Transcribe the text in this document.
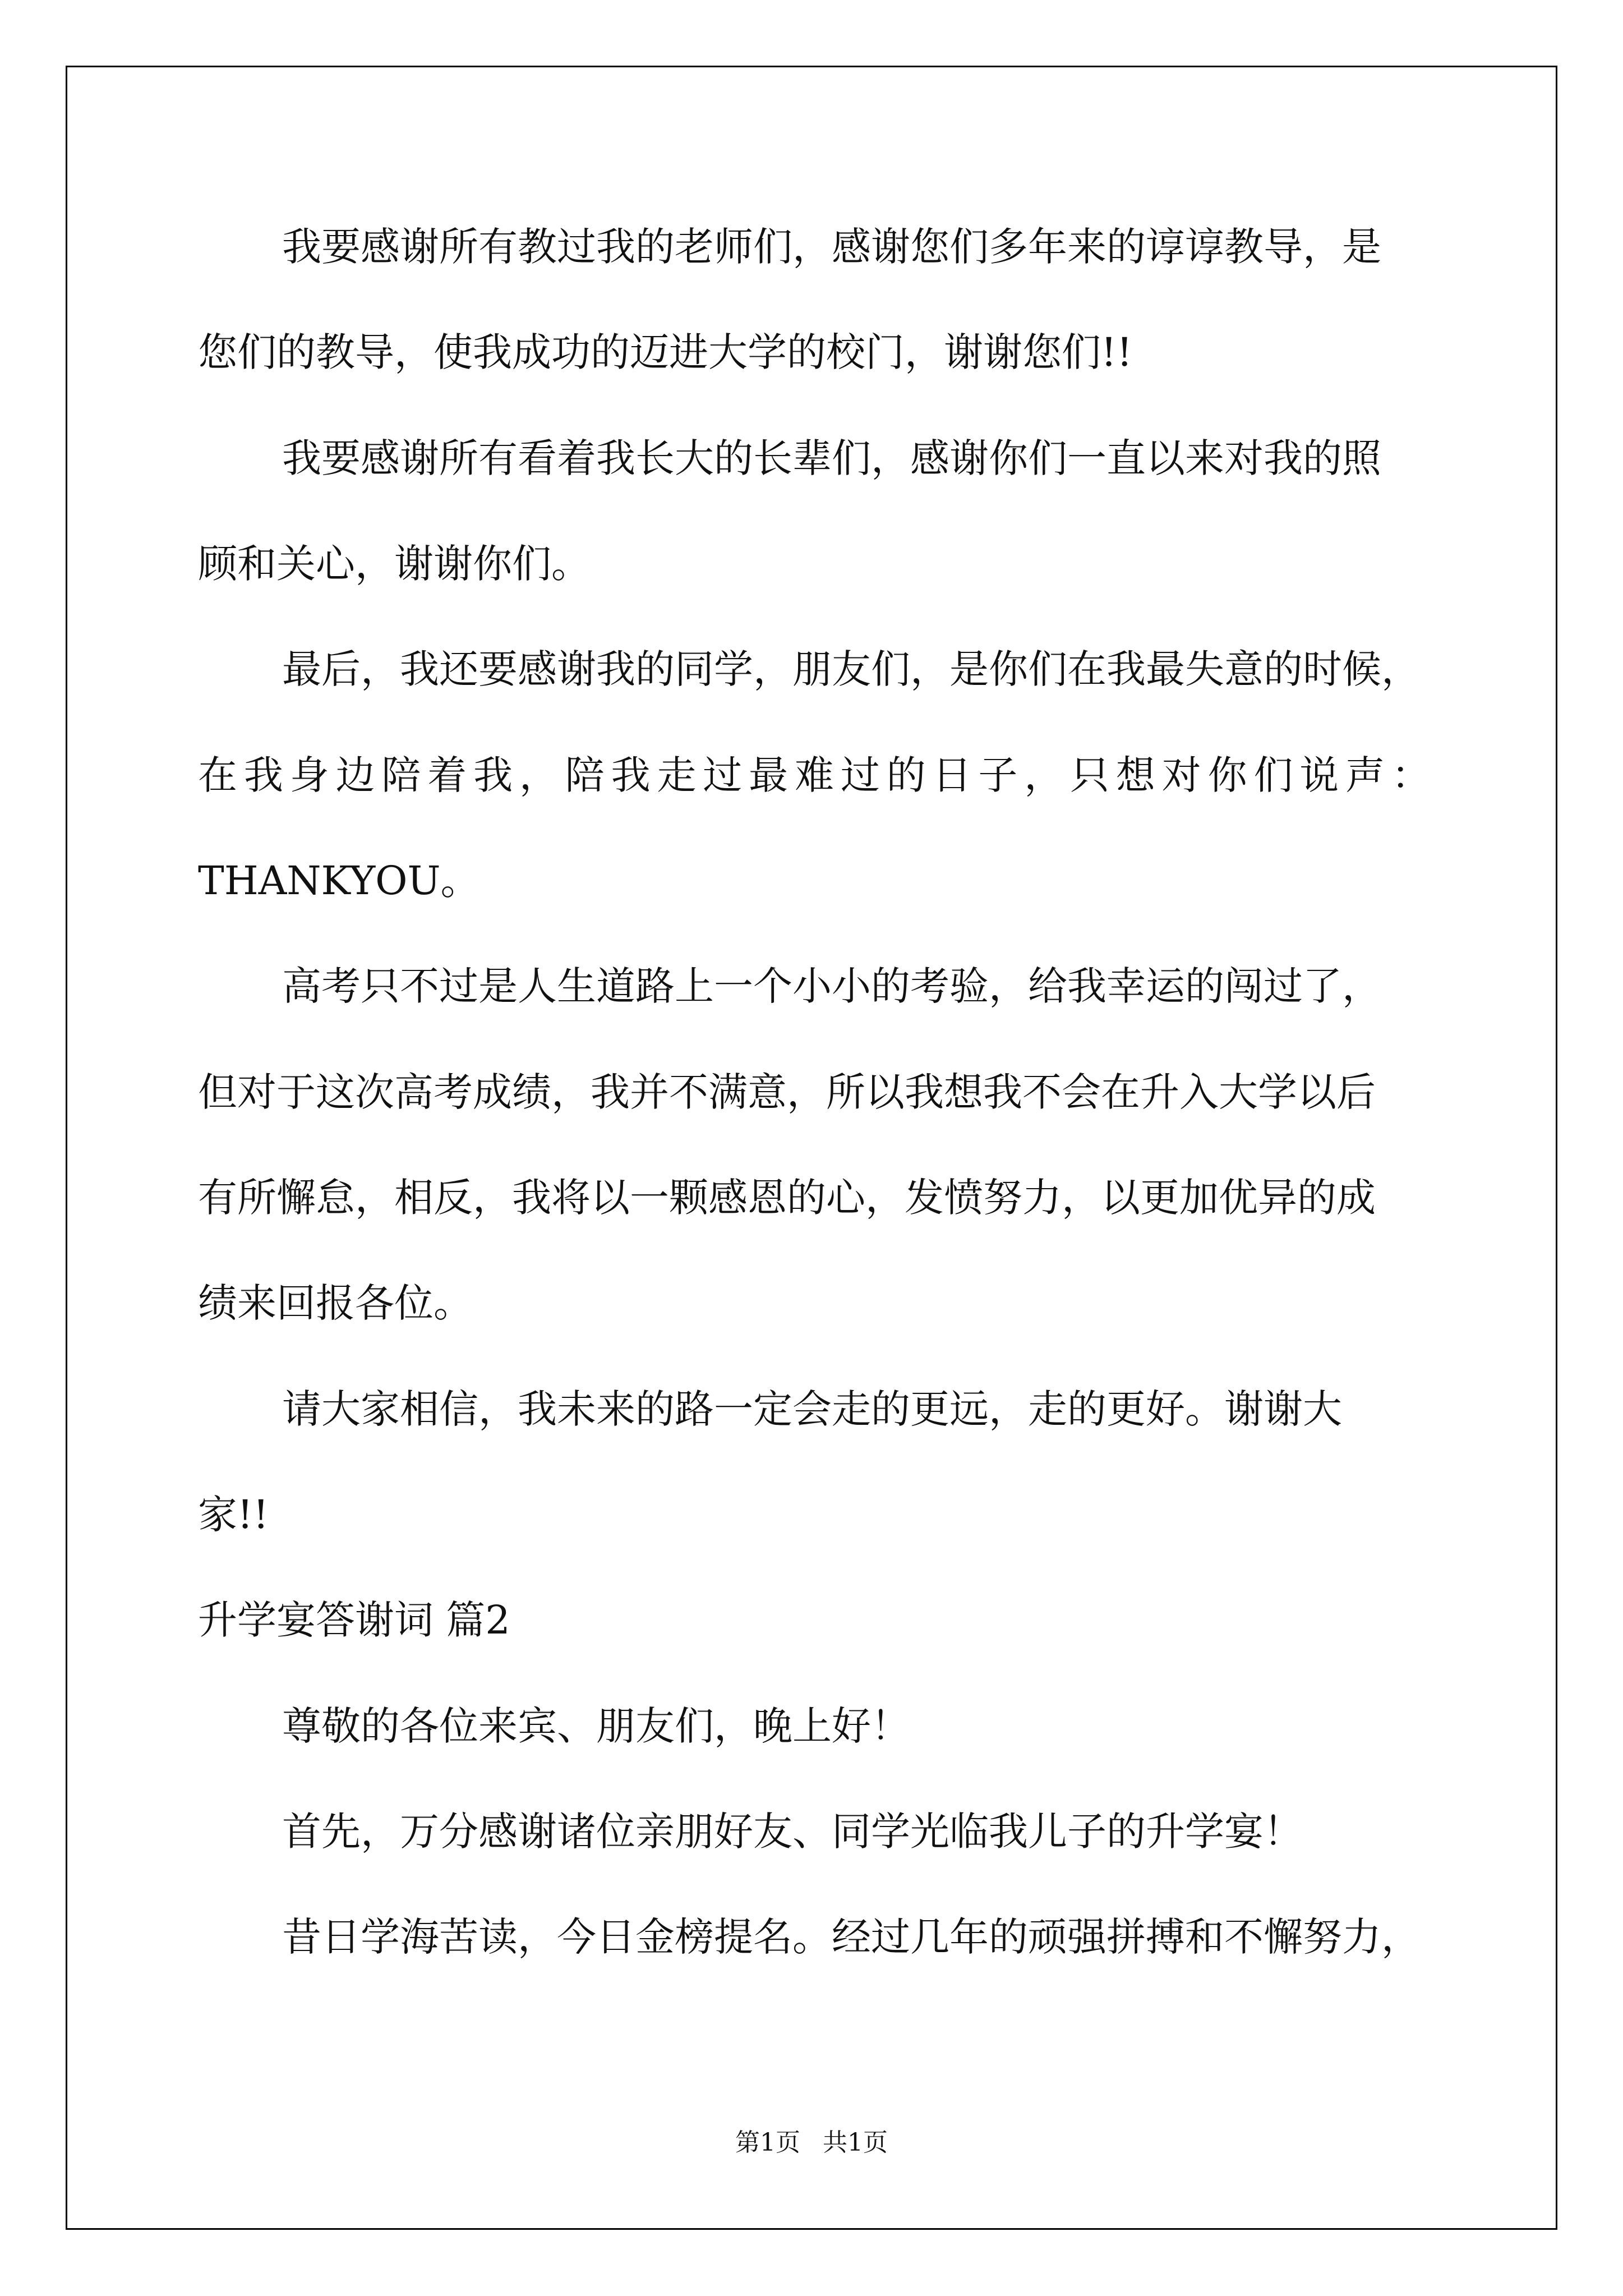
我要感谢所有教过我的老师们，感谢您们多年来的谆谆教导，是
您们的教导，使我成功的迈进大学的校门，谢谢您们!!
我要感谢所有看着我长大的长辈们，感谢你们一直以来对我的照
顾和关心，谢谢你们。
最后，我还要感谢我的同学，朋友们，是你们在我最失意的时候，
在我身边陪着我，陪我走过最难过的日子，只想对你们说声：
THANKYOU。
高考只不过是人生道路上一个小小的考验，给我幸运的闯过了，
但对于这次高考成绩，我并不满意，所以我想我不会在升入大学以后
有所懈怠，相反，我将以一颗感恩的心，发愤努力，以更加优异的成
绩来回报各位。
请大家相信，我未来的路一定会走的更远，走的更好。谢谢大
家!!
升学宴答谢词 篇2
尊敬的各位来宾、朋友们，晚上好！
首先，万分感谢诸位亲朋好友、同学光临我儿子的升学宴！
昔日学海苦读，今日金榜提名。经过几年的顽强拼搏和不懈努力，
第1页 共1页
